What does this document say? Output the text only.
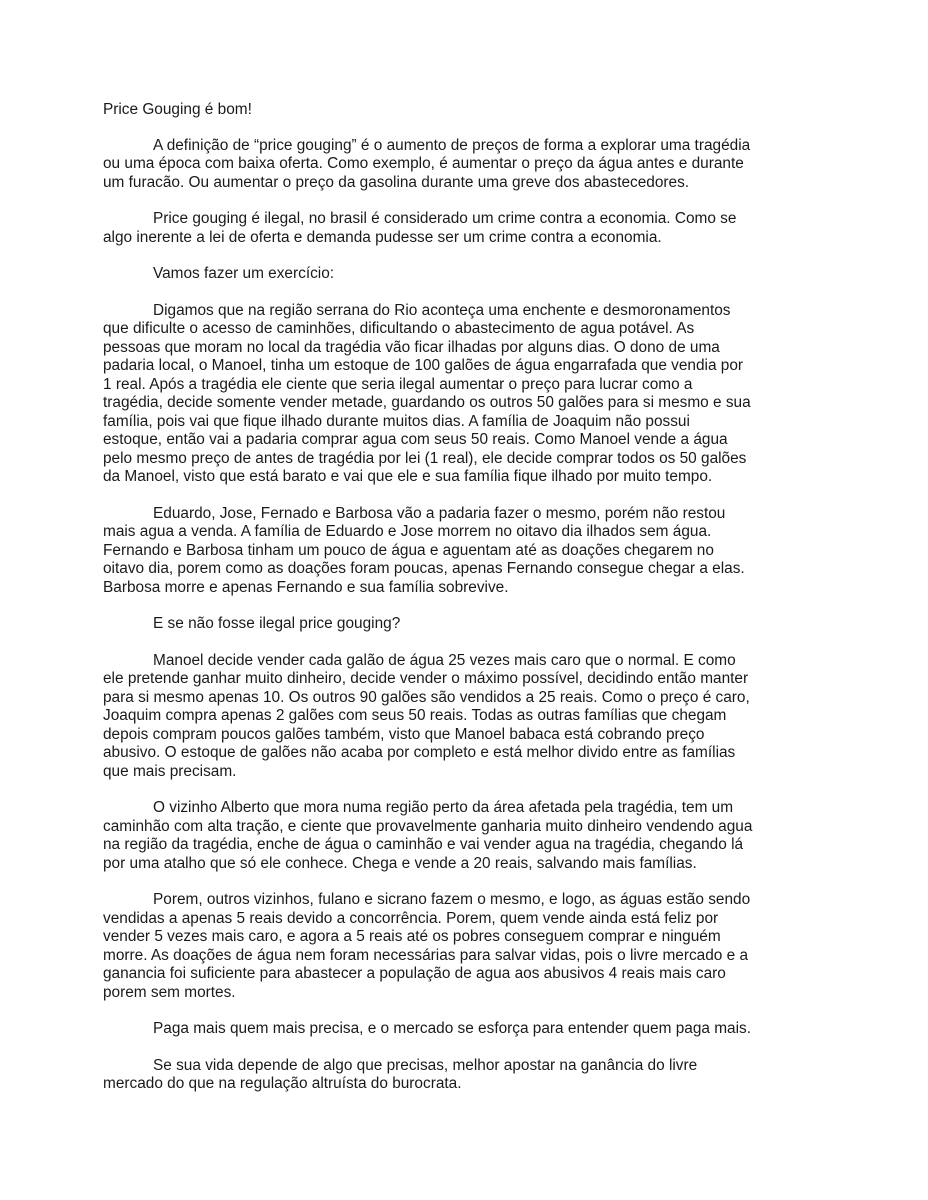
Price Gouging é bom!

A definição de “price gouging” é o aumento de preços de forma a explorar uma tragédia ou uma época com baixa oferta. Como exemplo, é aumentar o preço da água antes e durante um furacão. Ou aumentar o preço da gasolina durante uma greve dos abastecedores.

Price gouging é ilegal, no brasil é considerado um crime contra a economia. Como se algo inerente a lei de oferta e demanda pudesse ser um crime contra a economia.

Vamos fazer um exercício:

Digamos que na região serrana do Rio aconteça uma enchente e desmoronamentos que dificulte o acesso de caminhões, dificultando o abastecimento de agua potável. As pessoas que moram no local da tragédia vão ficar ilhadas por alguns dias. O dono de uma padaria local, o Manoel, tinha um estoque de 100 galões de água engarrafada que vendia por 1 real. Após a tragédia ele ciente que seria ilegal aumentar o preço para lucrar como a tragédia, decide somente vender metade, guardando os outros 50 galões para si mesmo e sua família, pois vai que fique ilhado durante muitos dias. A família de Joaquim não possui estoque, então vai a padaria comprar agua com seus 50 reais. Como Manoel vende a água pelo mesmo preço de antes de tragédia por lei (1 real), ele decide comprar todos os 50 galões da Manoel, visto que está barato e vai que ele e sua família fique ilhado por muito tempo.

Eduardo, Jose, Fernado e Barbosa vão a padaria fazer o mesmo, porém não restou mais agua a venda. A família de Eduardo e Jose morrem no oitavo dia ilhados sem água. Fernando e Barbosa tinham um pouco de água e aguentam até as doações chegarem no oitavo dia, porem como as doações foram poucas, apenas Fernando consegue chegar a elas. Barbosa morre e apenas Fernando e sua família sobrevive.

E se não fosse ilegal price gouging?

Manoel decide vender cada galão de água 25 vezes mais caro que o normal. E como ele pretende ganhar muito dinheiro, decide vender o máximo possível, decidindo então manter para si mesmo apenas 10. Os outros 90 galões são vendidos a 25 reais. Como o preço é caro, Joaquim compra apenas 2 galões com seus 50 reais. Todas as outras famílias que chegam depois compram poucos galões também, visto que Manoel babaca está cobrando preço abusivo. O estoque de galões não acaba por completo e está melhor divido entre as famílias que mais precisam.

O vizinho Alberto que mora numa região perto da área afetada pela tragédia, tem um caminhão com alta tração, e ciente que provavelmente ganharia muito dinheiro vendendo agua na região da tragédia, enche de água o caminhão e vai vender agua na tragédia, chegando lá por uma atalho que só ele conhece. Chega e vende a 20 reais, salvando mais famílias.

Porem, outros vizinhos, fulano e sicrano fazem o mesmo, e logo, as águas estão sendo vendidas a apenas 5 reais devido a concorrência. Porem, quem vende ainda está feliz por vender 5 vezes mais caro, e agora a 5 reais até os pobres conseguem comprar e ninguém morre. As doações de água nem foram necessárias para salvar vidas, pois o livre mercado e a ganancia foi suficiente para abastecer a população de agua aos abusivos 4 reais mais caro porem sem mortes.

Paga mais quem mais precisa, e o mercado se esforça para entender quem paga mais.

Se sua vida depende de algo que precisas, melhor apostar na ganância do livre mercado do que na regulação altruísta do burocrata.
